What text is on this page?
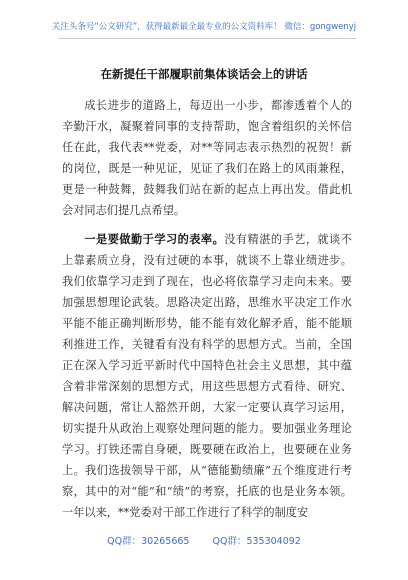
关注头条号“公文研究”，获得最新最全最专业的公文资料库！ 微信：gongwenyj
在新提任干部履职前集体谈话会上的讲话

成长进步的道路上，每迈出一小步，都渗透着个人的辛勤汗水，凝聚着同事的支持帮助，饱含着组织的关怀信任在此，我代表**党委，对**等同志表示热烈的祝贺！新的岗位，既是一种见证，见证了我们在路上的风雨兼程，更是一种鼓舞，鼓舞我们站在新的起点上再出发。借此机会对同志们提几点希望。

一是要做勤于学习的表率。没有精湛的手艺，就谈不上靠素质立身，没有过硬的本事，就谈不上靠业绩进步。我们依靠学习走到了现在，也必将依靠学习走向未来。要加强思想理论武装。思路决定出路，思维水平决定工作水平能不能正确判断形势，能不能有效化解矛盾，能不能顺利推进工作，关键看有没有科学的思想方式。当前，全国正在深入学习近平新时代中国特色社会主义思想，其中蕴含着非常深刻的思想方式，用这些思想方式看待、研究、解决问题，常让人豁然开朗，大家一定要认真学习运用，切实提升从政治上观察处理问题的能力。要加强业务理论学习。打铁还需自身硬，既要硬在政治上，也要硬在业务上。我们选拔领导干部，从“德能勤绩廉”五个维度进行考察，其中的对“能”和“绩”的考察，托底的也是业务本领。一年以来，**党委对干部工作进行了科学的制度安

QQ群：30265665 QQ群：535304092
